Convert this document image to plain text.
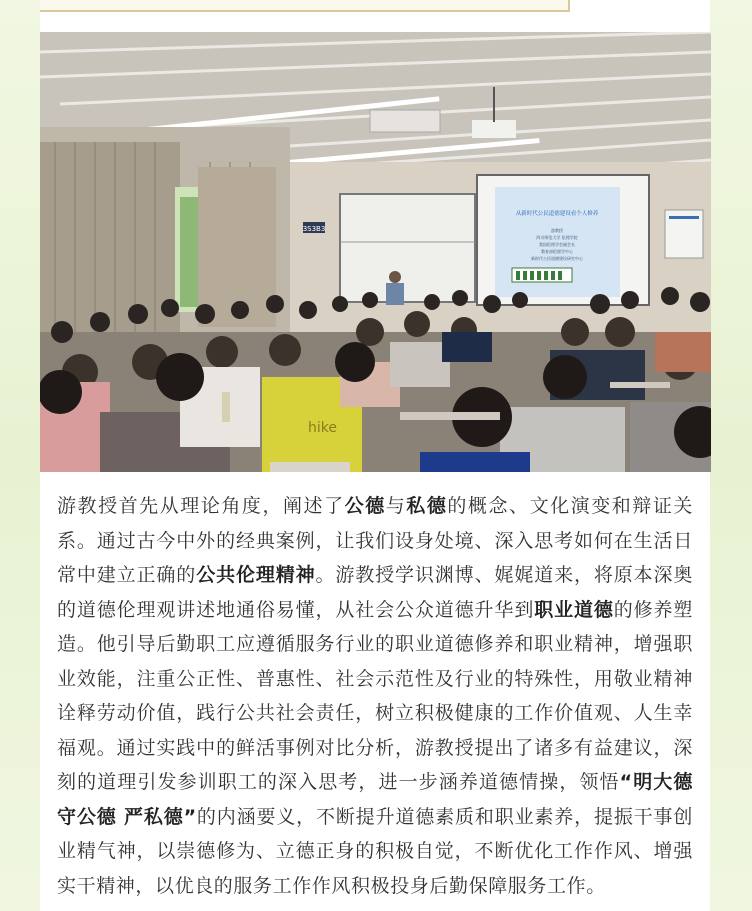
3S3B3
从新时代公民道德建设看个人修养
游教授
四川师范大学 伦理学院
我国伦理学会副会长
教育部伦理学中心
新时代公民道德建设研究中心
hike

游教授首先从理论角度，阐述了公德与私德的概念、文化演变和辩证关系。通过古今中外的经典案例，让我们设身处境、深入思考如何在生活日常中建立正确的公共伦理精神。游教授学识渊博、娓娓道来，将原本深奥的道德伦理观讲述地通俗易懂，从社会公众道德升华到职业道德的修养塑造。他引导后勤职工应遵循服务行业的职业道德修养和职业精神，增强职业效能，注重公正性、普惠性、社会示范性及行业的特殊性，用敬业精神诠释劳动价值，践行公共社会责任，树立积极健康的工作价值观、人生幸福观。通过实践中的鲜活事例对比分析，游教授提出了诸多有益建议，深刻的道理引发参训职工的深入思考，进一步涵养道德情操，领悟“明大德 守公德 严私德”的内涵要义，不断提升道德素质和职业素养，提振干事创业精气神，以崇德修为、立德正身的积极自觉，不断优化工作作风、增强实干精神，以优良的服务工作作风积极投身后勤保障服务工作。
